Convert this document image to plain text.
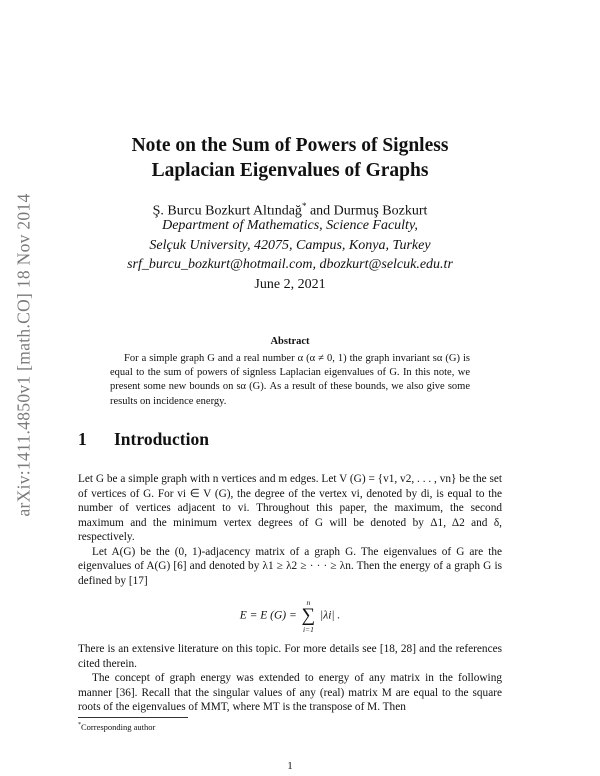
arXiv:1411.4850v1 [math.CO] 18 Nov 2014
Note on the Sum of Powers of Signless
Laplacian Eigenvalues of Graphs
Ş. Burcu Bozkurt Altındağ* and Durmuş Bozkurt
Department of Mathematics, Science Faculty,
Selçuk University, 42075, Campus, Konya, Turkey
srf_burcu_bozkurt@hotmail.com, dbozkurt@selcuk.edu.tr
June 2, 2021
Abstract
For a simple graph G and a real number α (α ≠ 0, 1) the graph invariant sα (G) is equal to the sum of powers of signless Laplacian eigenvalues of G. In this note, we present some new bounds on sα (G). As a result of these bounds, we also give some results on incidence energy.
1 Introduction

Let G be a simple graph with n vertices and m edges. Let V (G) = {v1, v2, . . . , vn} be the set of vertices of G. For vi ∈ V (G), the degree of the vertex vi, denoted by di, is equal to the number of vertices adjacent to vi. Throughout this paper, the maximum, the second maximum and the minimum vertex degrees of G will be denoted by Δ1, Δ2 and δ, respectively.

Let A(G) be the (0, 1)-adjacency matrix of a graph G. The eigenvalues of G are the eigenvalues of A(G) [6] and denoted by λ1 ≥ λ2 ≥ · · · ≥ λn. Then the energy of a graph G is defined by [17]

E = E (G) =
n
∑
i=1
|λi| .

There is an extensive literature on this topic. For more details see [18, 28] and the references cited therein.

The concept of graph energy was extended to energy of any matrix in the following manner [36]. Recall that the singular values of any (real) matrix M are equal to the square roots of the eigenvalues of MMT, where MT is the transpose of M. Then

*Corresponding author
1
